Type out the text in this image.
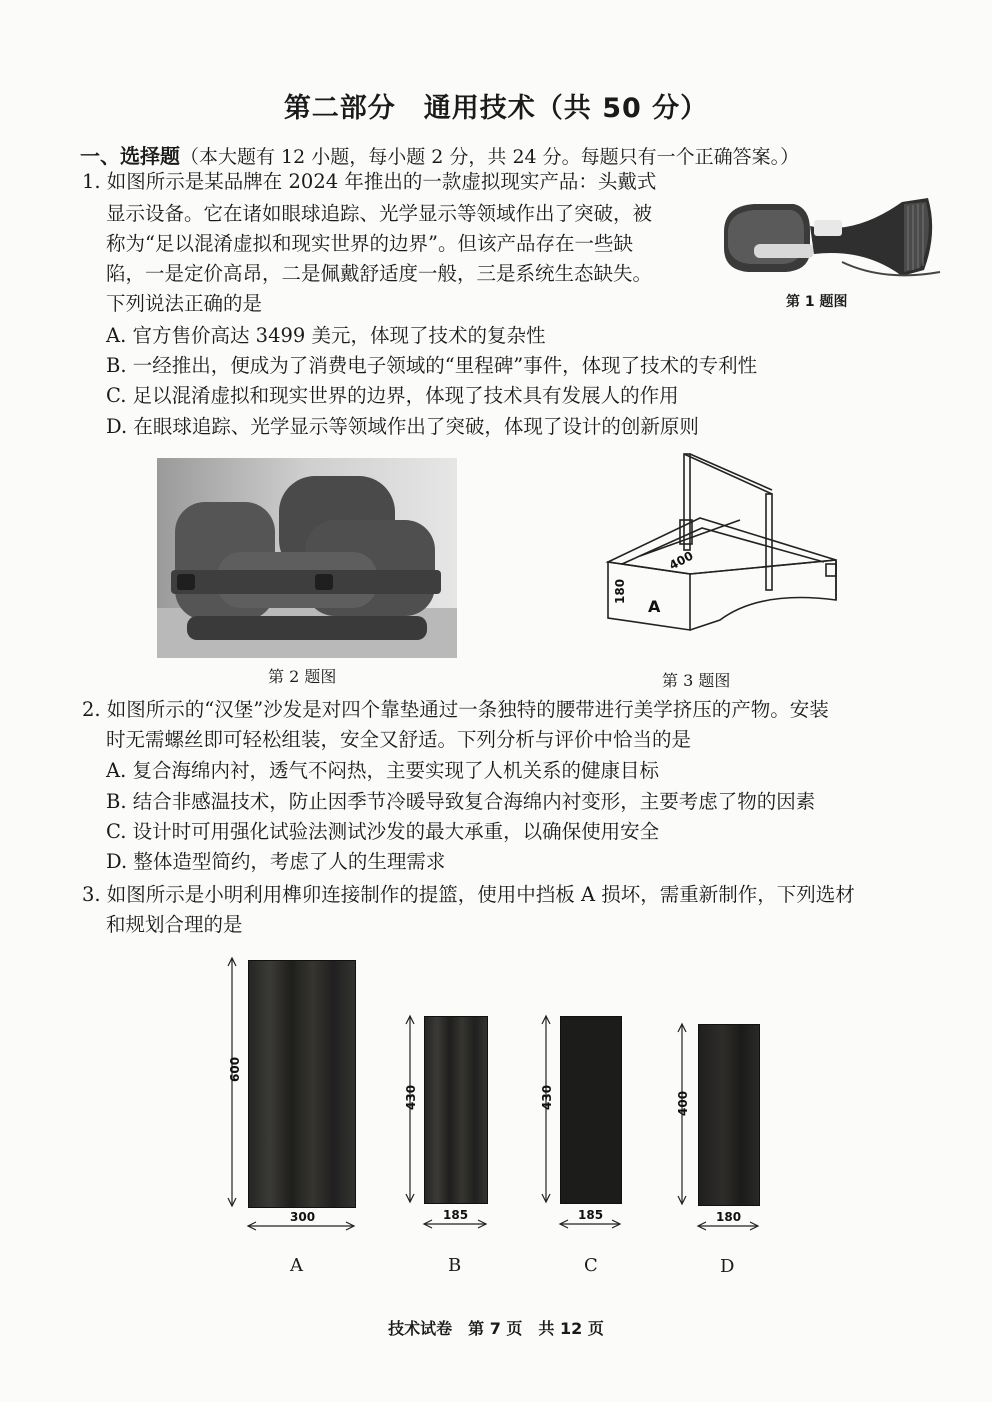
第二部分　通用技术（共 50 分）
一、选择题（本大题有 12 小题，每小题 2 分，共 24 分。每题只有一个正确答案。）
1. 如图所示是某品牌在 2024 年推出的一款虚拟现实产品：头戴式
显示设备。它在诸如眼球追踪、光学显示等领域作出了突破，被
称为“足以混淆虚拟和现实世界的边界”。但该产品存在一些缺
陷，一是定价高昂，二是佩戴舒适度一般，三是系统生态缺失。
下列说法正确的是	第 1 题图
A. 官方售价高达 3499 美元，体现了技术的复杂性
B. 一经推出，便成为了消费电子领域的“里程碑”事件，体现了技术的专利性
C. 足以混淆虚拟和现实世界的边界，体现了技术具有发展人的作用
D. 在眼球追踪、光学显示等领域作出了突破，体现了设计的创新原则
第 2 题图
400
180
A
第 3 题图
2. 如图所示的“汉堡”沙发是对四个靠垫通过一条独特的腰带进行美学挤压的产物。安装
时无需螺丝即可轻松组装，安全又舒适。下列分析与评价中恰当的是
A. 复合海绵内衬，透气不闷热，主要实现了人机关系的健康目标
B. 结合非感温技术，防止因季节冷暖导致复合海绵内衬变形，主要考虑了物的因素
C. 设计时可用强化试验法测试沙发的最大承重，以确保使用安全
D. 整体造型简约，考虑了人的生理需求
3. 如图所示是小明利用榫卯连接制作的提篮，使用中挡板 A 损坏，需重新制作，下列选材
和规划合理的是
600
300
A
430
185
B
430
185
C
400
180
D
技术试卷　第 7 页　共 12 页
